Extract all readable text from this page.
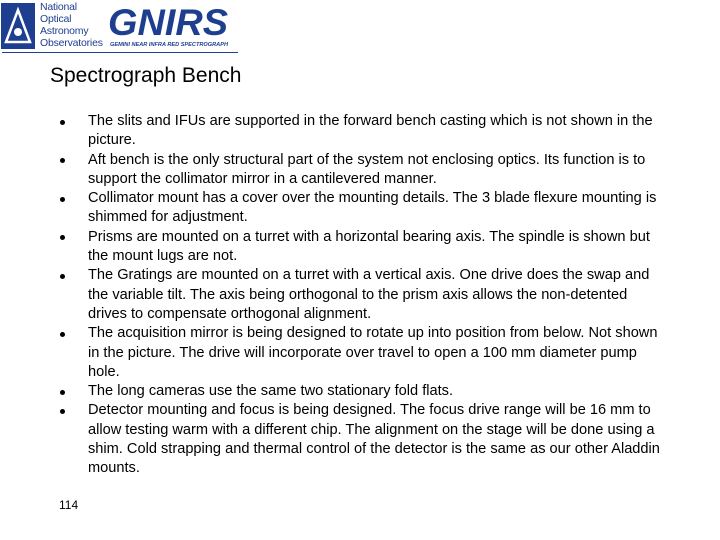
National
Optical
Astronomy
Observatories GNIRS
GEMINI NEAR INFRA RED SPECTROGRAPH
Spectrograph Bench
The slits and IFUs are supported in the forward bench casting which is not shown in the picture.
Aft bench is the only structural part of the system not enclosing optics. Its function is to support the collimator mirror in a cantilevered manner.
Collimator mount has a cover over the mounting details. The 3 blade flexure mounting is shimmed for adjustment.
Prisms are mounted on a turret with a horizontal bearing axis. The spindle is shown but the mount lugs are not.
The Gratings are mounted on a turret with a vertical axis. One drive does the swap and the variable tilt. The axis being orthogonal to the prism axis allows the non-detented drives to compensate orthogonal alignment.
The acquisition mirror is being designed to rotate up into position from below. Not shown in the picture. The drive will incorporate over travel to open a 100 mm diameter pump hole.
The long cameras use the same two stationary fold flats.
Detector mounting and focus is being designed. The focus drive range will be 16 mm to allow testing warm with a different chip. The alignment on the stage will be done using a shim. Cold strapping and thermal control of the detector is the same as our other Aladdin mounts.
114
